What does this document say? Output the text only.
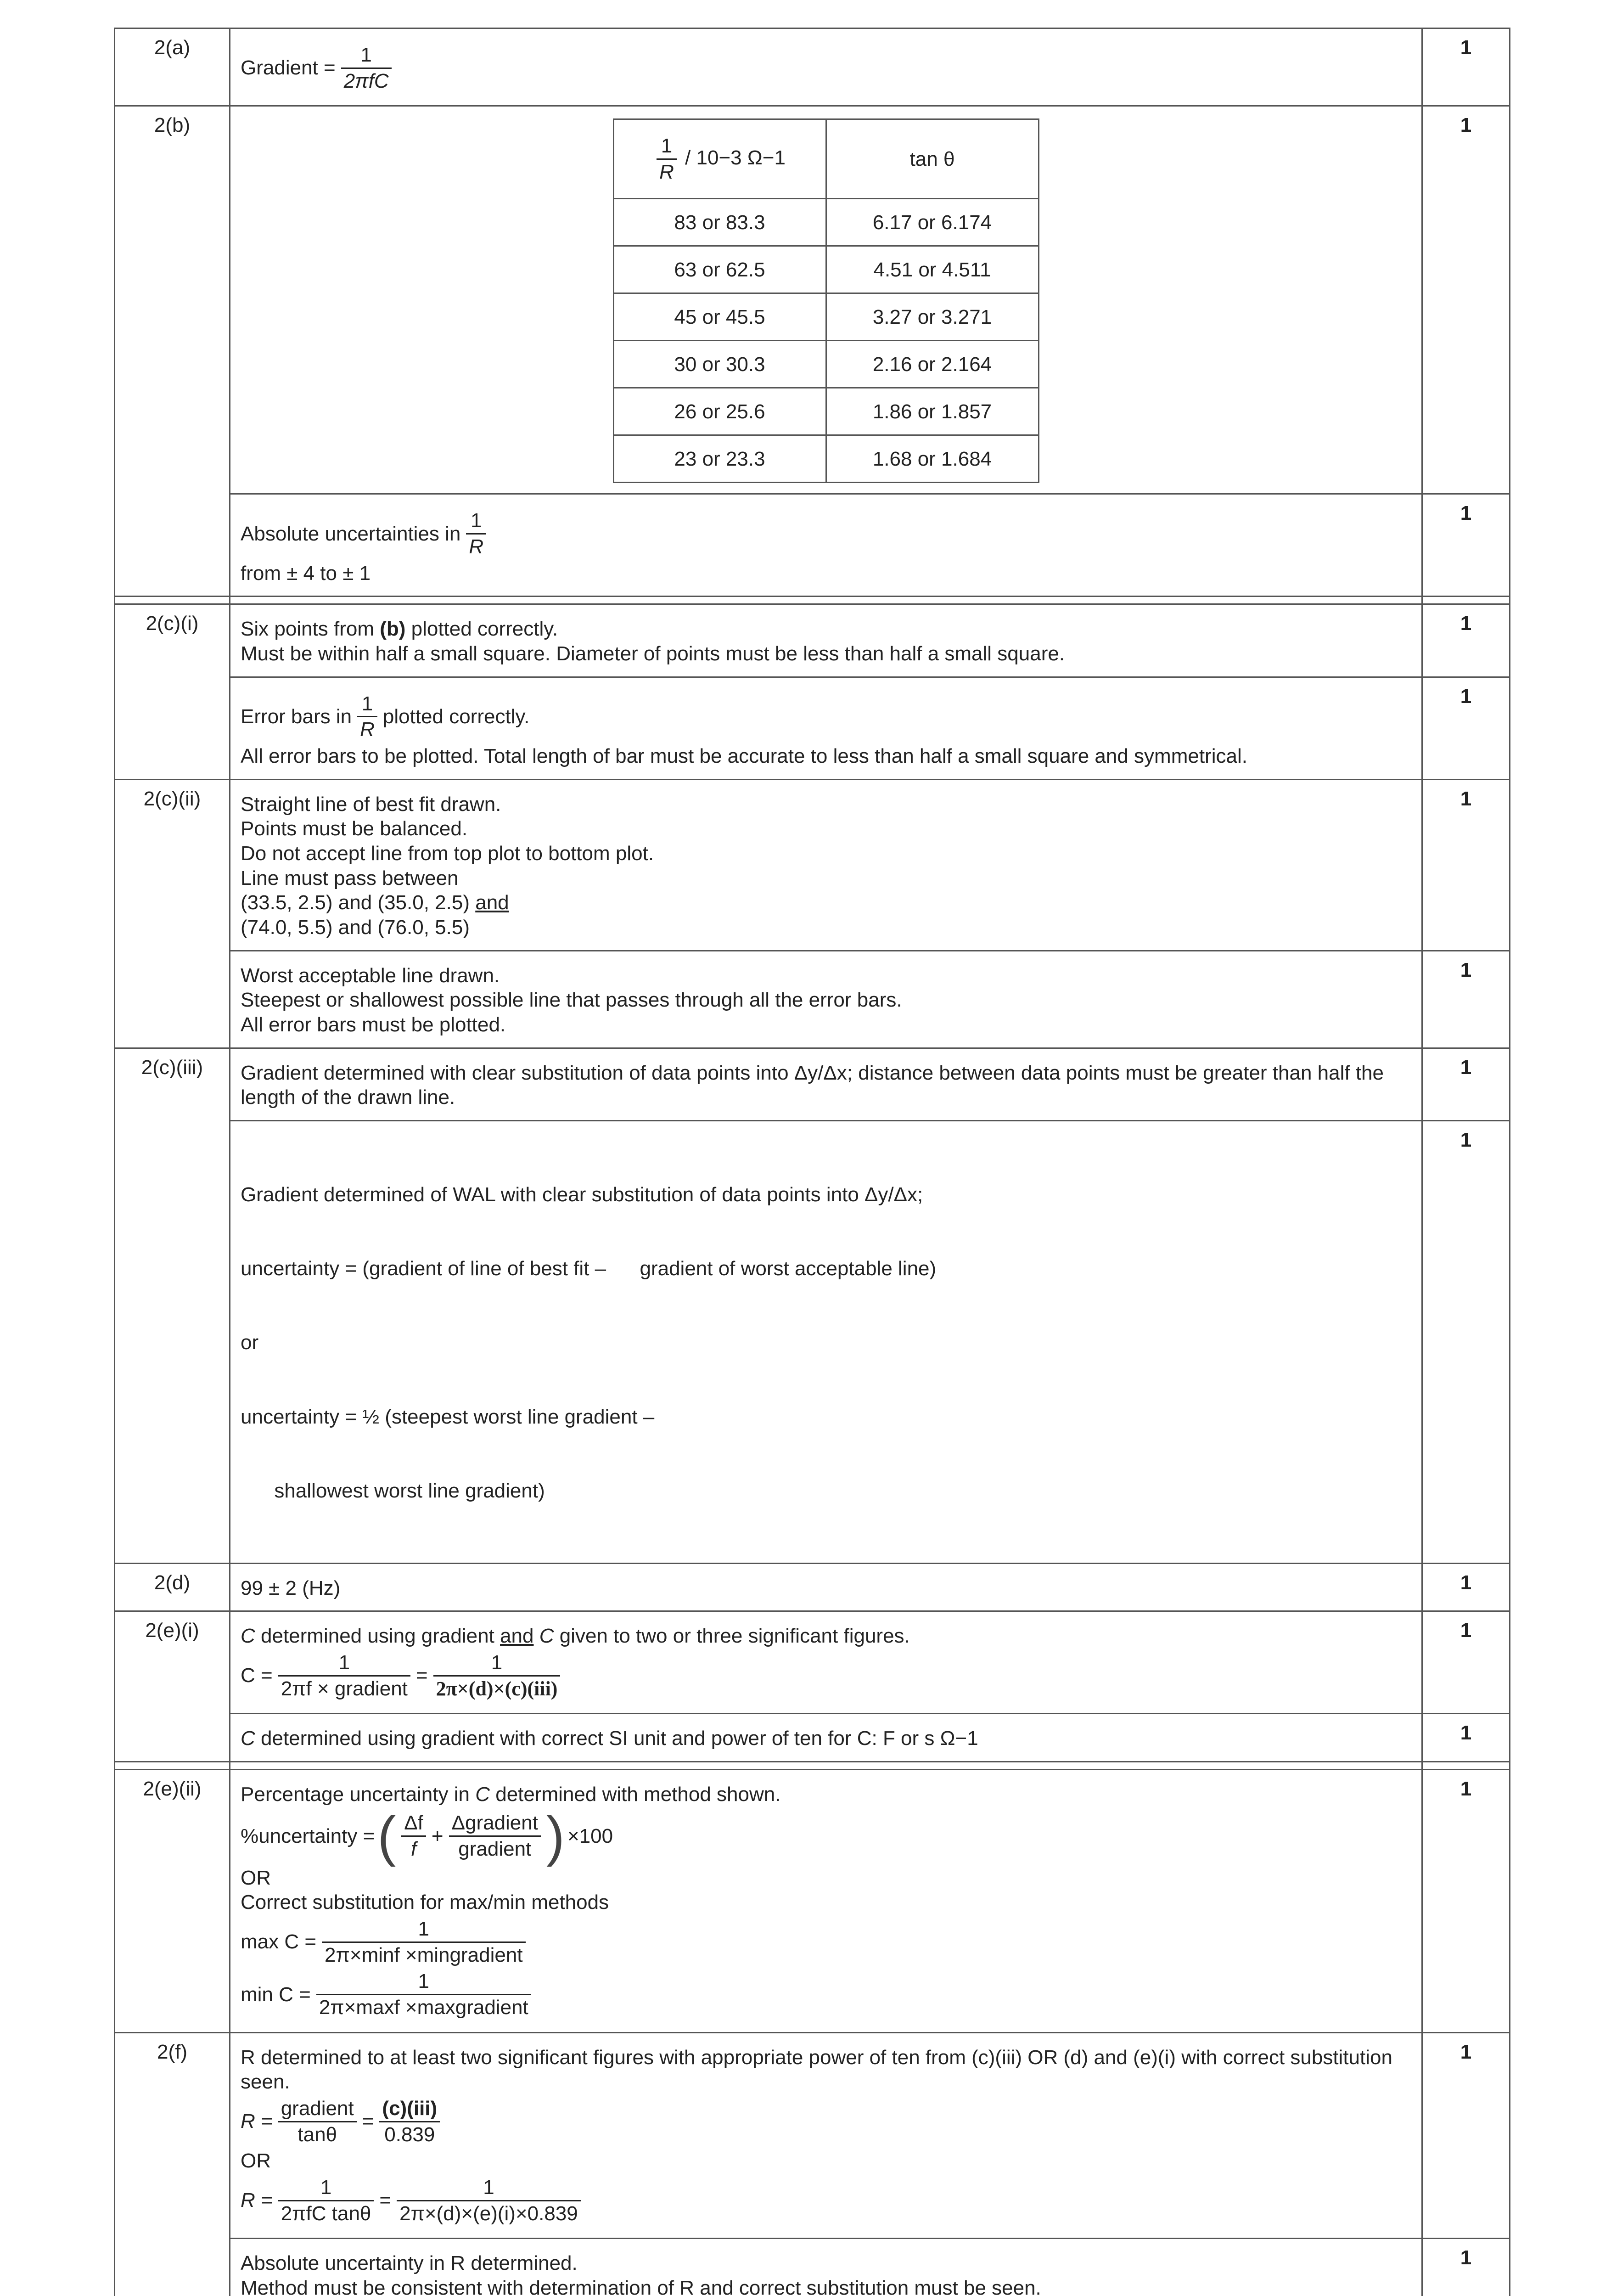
2(a)	
Gradient = $\frac{1}{\text{2πfC}}$	1
2(b)	
$\frac{1}{R} / 10-3$ Ω−1	tan θ
83 or 83.3	6.17 or 6.174
63 or 62.5	4.51 or 4.511
45 or 45.5	3.27 or 3.271
30 or 30.3	2.16 or 2.164
26 or 25.6	1.86 or 1.857
23 or 23.3	1.68 or 1.684
	1

Absolute uncertainties in $\frac{1}{R}$
from ± 4 to ± 1
	1

2(c)(i)	Six points from (b) plotted correctly.
Must be within half a small square. Diameter of points must be less than half a small square.
	1

Error bars in $\frac{1}{R}$ plotted correctly.
All error bars to be plotted. Total length of bar must be accurate to less than half a small square and symmetrical.
	1
2(c)(ii)	Straight line of best fit drawn.
Points must be balanced.
Do not accept line from top plot to bottom plot.
Line must pass between
(33.5, 2.5) and (35.0, 2.5) and
(74.0, 5.5) and (76.0, 5.5)
	1

Worst acceptable line drawn.
Steepest or shallowest possible line that passes through all the error bars.
All error bars must be plotted.
	1
2(c)(iii)	Gradient determined with clear substitution of data points into Δy/Δx; distance between data points must be greater than half the length of the drawn line.	1

Gradient determined of WAL with clear substitution of data points into Δy/Δx;

uncertainty = (gradient of line of best fit –      gradient of worst acceptable line)

or

uncertainty = ½ (steepest worst line gradient –

shallowest worst line gradient)

	1
2(d)	99 ± 2 (Hz)	1
2(e)(i)	C determined using gradient and C given to two or three significant figures.
$C = \frac{1}{\text{2πf × gradient}} = \frac{1}{\text{2π×(d)×(c)(iii)}}$
	1
C determined using gradient with correct SI unit and power of ten for C: F or s Ω−1	1

2(e)(ii)	Percentage uncertainty in C determined with method shown.
%uncertainty = ( $\frac{\Delta f}{f} + \frac{\text{Δgradient}}{\text{gradient}}$ ) ×100
OR
Correct substitution for max/min methods
$\max C = \frac{1}{\text{2π×minf ×mingradient}}$
$\min C = \frac{1}{\text{2π×maxf ×maxgradient}}$
	1
2(f)	R determined to at least two significant figures with appropriate power of ten from (c)(iii) OR (d) and (e)(i) with correct substitution seen.
$R = \frac{\text{gradient}}{\tan\theta} = \frac{\text{(c)(iii)}}{0.839}$
OR
$R = \frac{1}{\text{2πfC tanθ}} = \frac{1}{2\pi\times(d)\times(e)(i)\times 0.839}$
	1

Absolute uncertainty in R determined.
Method must be consistent with determination of R and correct substitution must be seen.
	1
